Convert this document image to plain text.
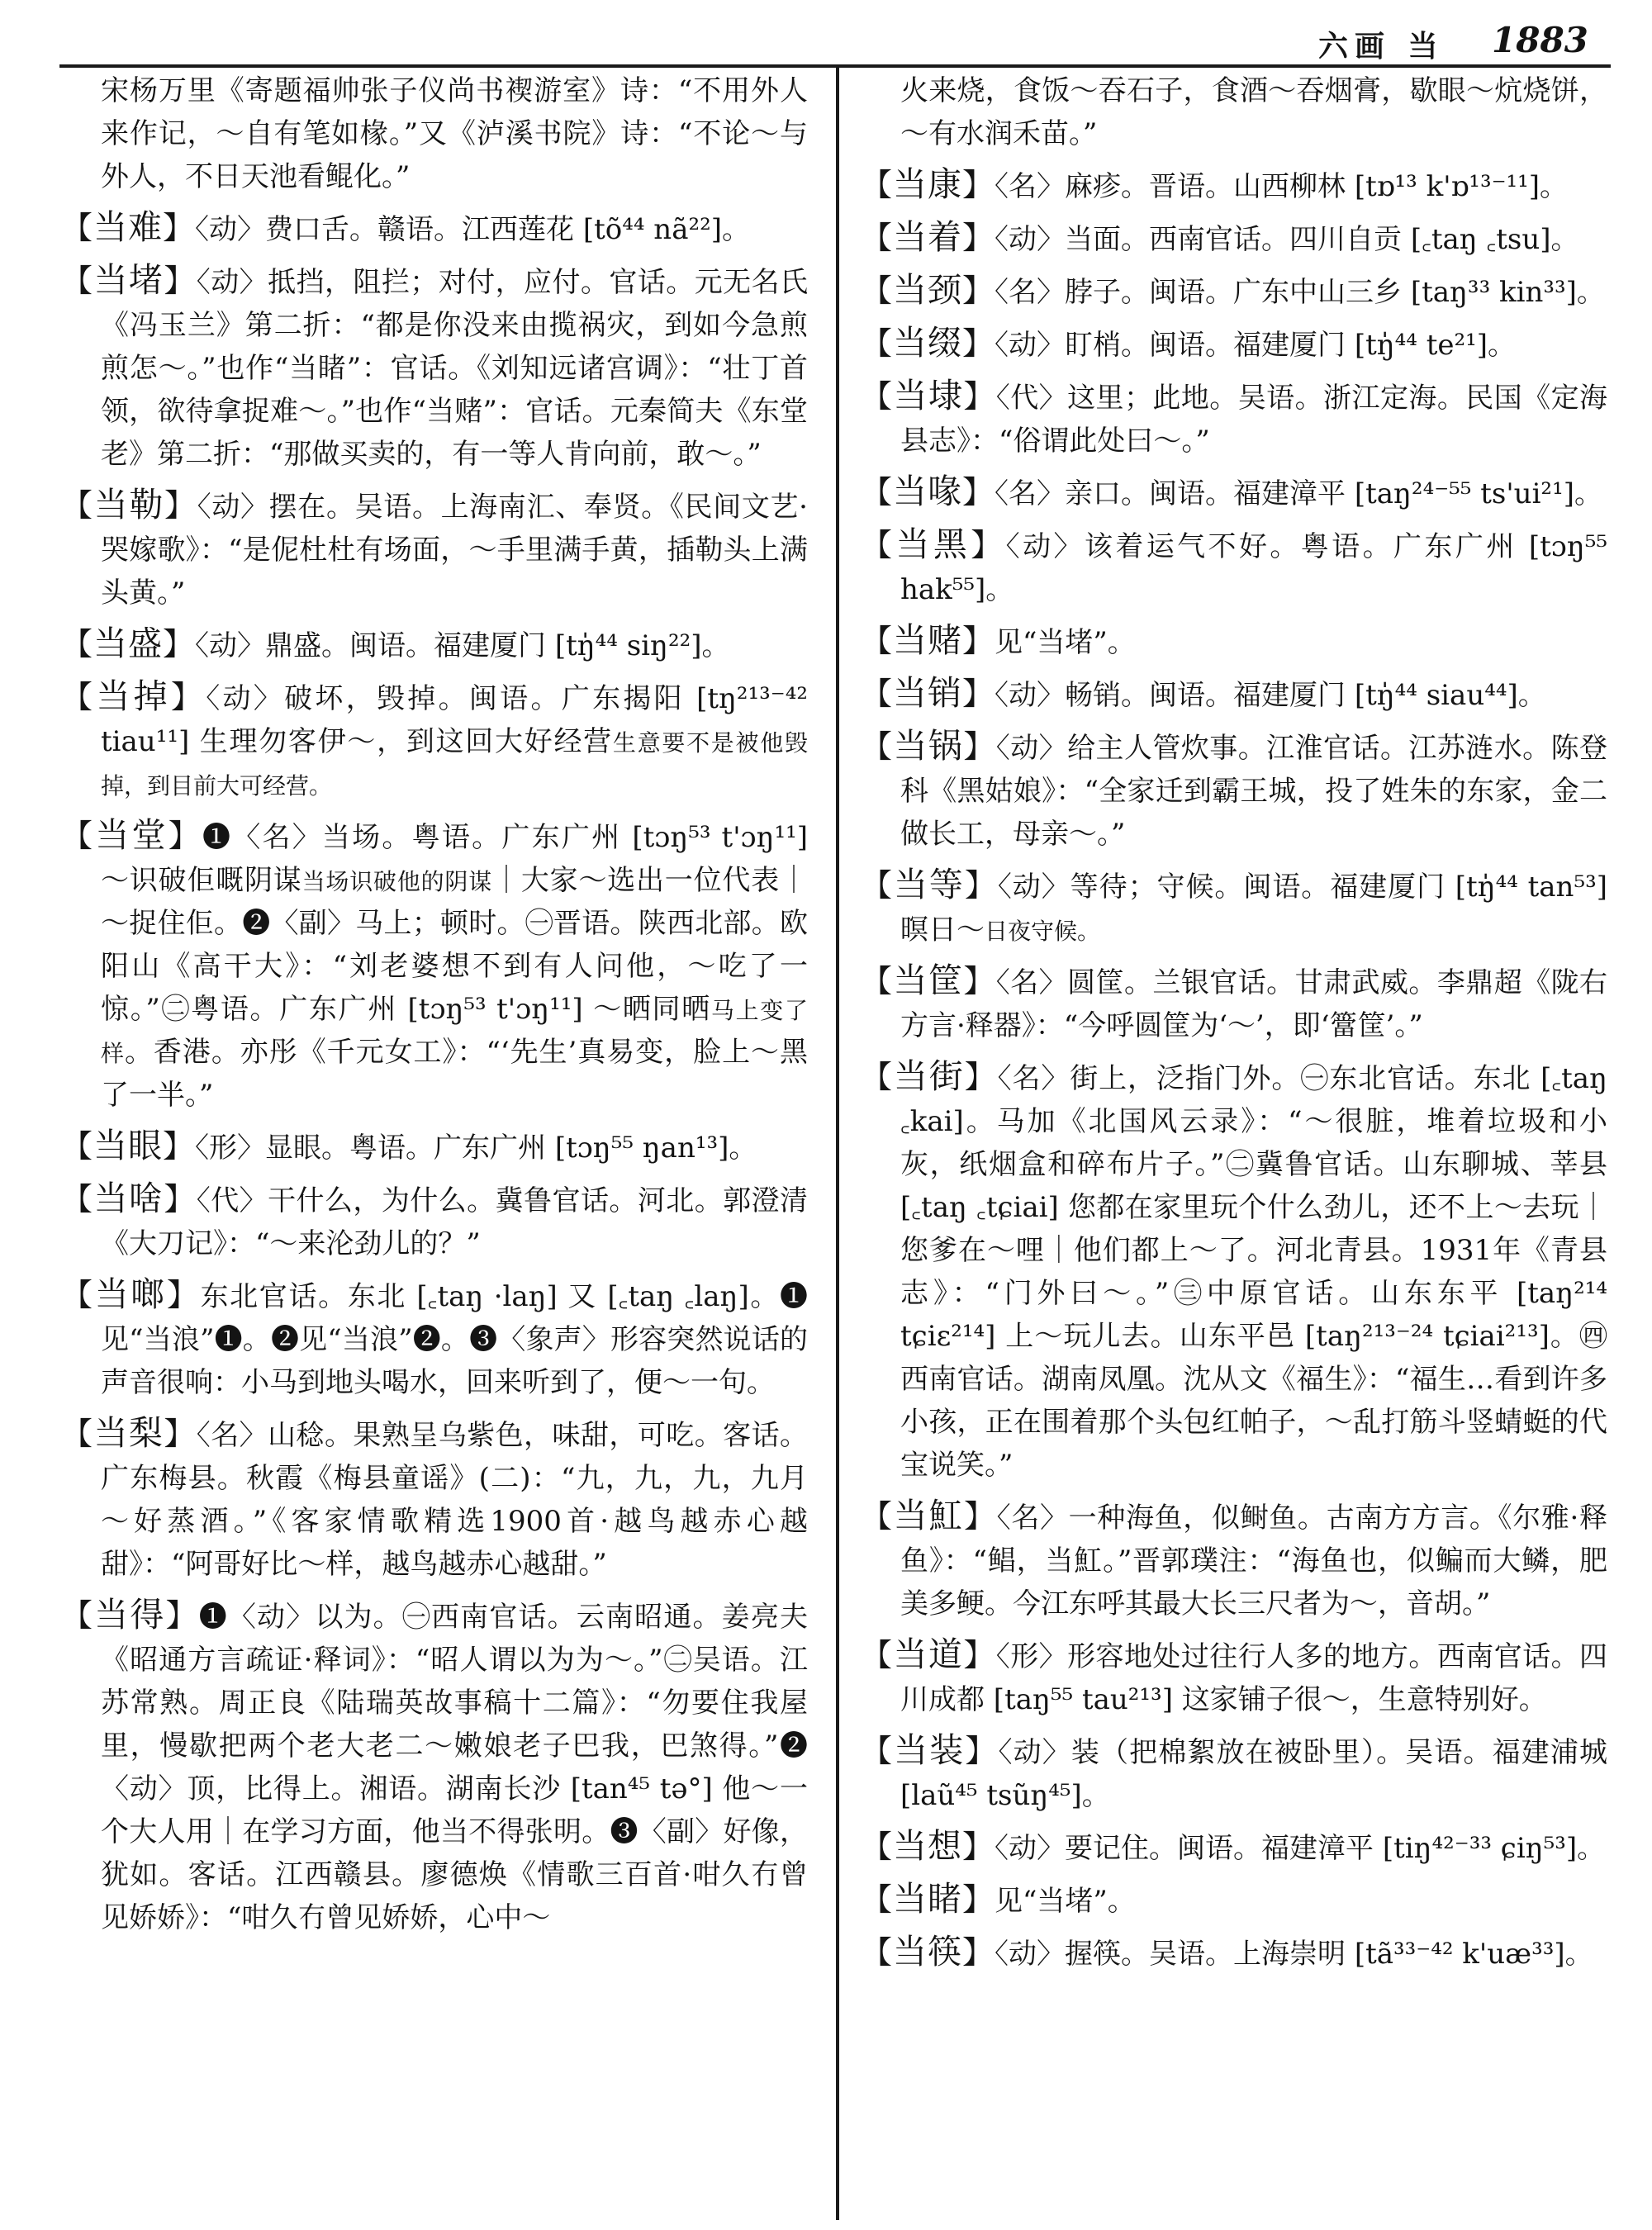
六画 当 1883

宋杨万里《寄题福帅张子仪尚书褉游室》诗：“不用外人来作记，～自有笔如椽。”又《泸溪书院》诗：“不论～与外人，不日天池看鲲化。”

【当难】〈动〉费口舌。赣语。江西莲花 [tõ⁴⁴ nã²²]。

【当堵】〈动〉抵挡，阻拦；对付，应付。官话。元无名氏《冯玉兰》第二折：“都是你没来由揽祸灾，到如今急煎煎怎～。”也作“当睹”：官话。《刘知远诸宫调》：“壮丁首领，欲待拿捉难～。”也作“当赌”：官话。元秦简夫《东堂老》第二折：“那做买卖的，有一等人肯向前，敢～。”

【当勒】〈动〉摆在。吴语。上海南汇、奉贤。《民间文艺·哭嫁歌》：“是伲杜杜有场面，～手里满手黄，插勒头上满头黄。”

【当盛】〈动〉鼎盛。闽语。福建厦门 [tŋ̍⁴⁴ siŋ²²]。

【当掉】〈动〉破坏，毁掉。闽语。广东揭阳 [tŋ²¹³⁻⁴² tiau¹¹] 生理勿客伊～，到这回大好经营生意要不是被他毁掉，到目前大可经营。

【当堂】❶〈名〉当场。粤语。广东广州 [tɔŋ⁵³ t'ɔŋ¹¹] ～识破佢嘅阴谋当场识破他的阴谋｜大家～选出一位代表｜～捉住佢。❷〈副〉马上；顿时。㊀晋语。陕西北部。欧阳山《高干大》：“刘老婆想不到有人问他，～吃了一惊。”㊁粤语。广东广州 [tɔŋ⁵³ t'ɔŋ¹¹] ～晒同晒马上变了样。香港。亦彤《千元女工》：“‘先生’真易变，脸上～黑了一半。”

【当眼】〈形〉显眼。粤语。广东广州 [tɔŋ⁵⁵ ŋan¹³]。

【当啥】〈代〉干什么，为什么。冀鲁官话。河北。郭澄清《大刀记》：“～来沦劲儿的？”

【当啷】东北官话。东北 [꜀taŋ ·laŋ] 又 [꜀taŋ ꜀laŋ]。❶见“当浪”❶。❷见“当浪”❷。❸〈象声〉形容突然说话的声音很响：小马到地头喝水，回来听到了，便～一句。

【当梨】〈名〉山稔。果熟呈乌紫色，味甜，可吃。客话。广东梅县。秋霞《梅县童谣》(二)：“九，九，九，九月～好蒸酒。”《客家情歌精选1900首·越鸟越赤心越甜》：“阿哥好比～样，越鸟越赤心越甜。”

【当得】❶〈动〉以为。㊀西南官话。云南昭通。姜亮夫《昭通方言疏证·释词》：“昭人谓以为为～。”㊁吴语。江苏常熟。周正良《陆瑞英故事稿十二篇》：“勿要住我屋里，慢歇把两个老大老二～嫩娘老子巴我，巴煞得。”❷〈动〉顶，比得上。湘语。湖南长沙 [tan⁴⁵ tə°] 他～一个大人用｜在学习方面，他当不得张明。❸〈副〉好像，犹如。客话。江西赣县。廖德焕《情歌三百首·咁久冇曾见娇娇》：“咁久冇曾见娇娇，心中～

火来烧，食饭～吞石子，食酒～吞烟膏，歇眼～炕烧饼，～有水润禾苗。”

【当康】〈名〉麻疹。晋语。山西柳林 [tɒ¹³ k'ɒ¹³⁻¹¹]。

【当着】〈动〉当面。西南官话。四川自贡 [꜀taŋ ꜀tsu]。

【当颈】〈名〉脖子。闽语。广东中山三乡 [taŋ³³ kin³³]。

【当缀】〈动〉盯梢。闽语。福建厦门 [tŋ̍⁴⁴ te²¹]。

【当埭】〈代〉这里；此地。吴语。浙江定海。民国《定海县志》：“俗谓此处曰～。”

【当喙】〈名〉亲口。闽语。福建漳平 [taŋ²⁴⁻⁵⁵ ts'ui²¹]。

【当黑】〈动〉该着运气不好。粤语。广东广州 [tɔŋ⁵⁵ hak⁵⁵]。

【当赌】见“当堵”。

【当销】〈动〉畅销。闽语。福建厦门 [tŋ̍⁴⁴ siau⁴⁴]。

【当锅】〈动〉给主人管炊事。江淮官话。江苏涟水。陈登科《黑姑娘》：“全家迁到霸王城，投了姓朱的东家，金二做长工，母亲～。”

【当等】〈动〉等待；守候。闽语。福建厦门 [tŋ̍⁴⁴ tan⁵³] 暝日～日夜守候。

【当筐】〈名〉圆筐。兰银官话。甘肃武威。李鼎超《陇右方言·释器》：“今呼圆筐为‘～’，即‘簹筐’。”

【当街】〈名〉街上，泛指门外。㊀东北官话。东北 [꜀taŋ ꜀kai]。马加《北国风云录》：“～很脏，堆着垃圾和小灰，纸烟盒和碎布片子。”㊁冀鲁官话。山东聊城、莘县 [꜀taŋ ꜀tɕiai] 您都在家里玩个什么劲儿，还不上～去玩｜您爹在～哩｜他们都上～了。河北青县。1931年《青县志》：“门外曰～。”㊂中原官话。山东东平 [taŋ²¹⁴ tɕiɛ²¹⁴] 上～玩儿去。山东平邑 [taŋ²¹³⁻²⁴ tɕiai²¹³]。㊃西南官话。湖南凤凰。沈从文《福生》：“福生…看到许多小孩，正在围着那个头包红帕子，～乱打筋斗竖蜻蜓的代宝说笑。”

【当魟】〈名〉一种海鱼，似鲥鱼。古南方方言。《尔雅·释鱼》：“鲳，当魟。”晋郭璞注：“海鱼也，似鳊而大鳞，肥美多鲠。今江东呼其最大长三尺者为～，音胡。”

【当道】〈形〉形容地处过往行人多的地方。西南官话。四川成都 [taŋ⁵⁵ tau²¹³] 这家铺子很～，生意特别好。

【当装】〈动〉装（把棉絮放在被卧里）。吴语。福建浦城 [laũ⁴⁵ tsũŋ⁴⁵]。

【当想】〈动〉要记住。闽语。福建漳平 [tiŋ⁴²⁻³³ ɕiŋ⁵³]。

【当睹】见“当堵”。

【当筷】〈动〉握筷。吴语。上海崇明 [tã³³⁻⁴² k'uæ³³]。
